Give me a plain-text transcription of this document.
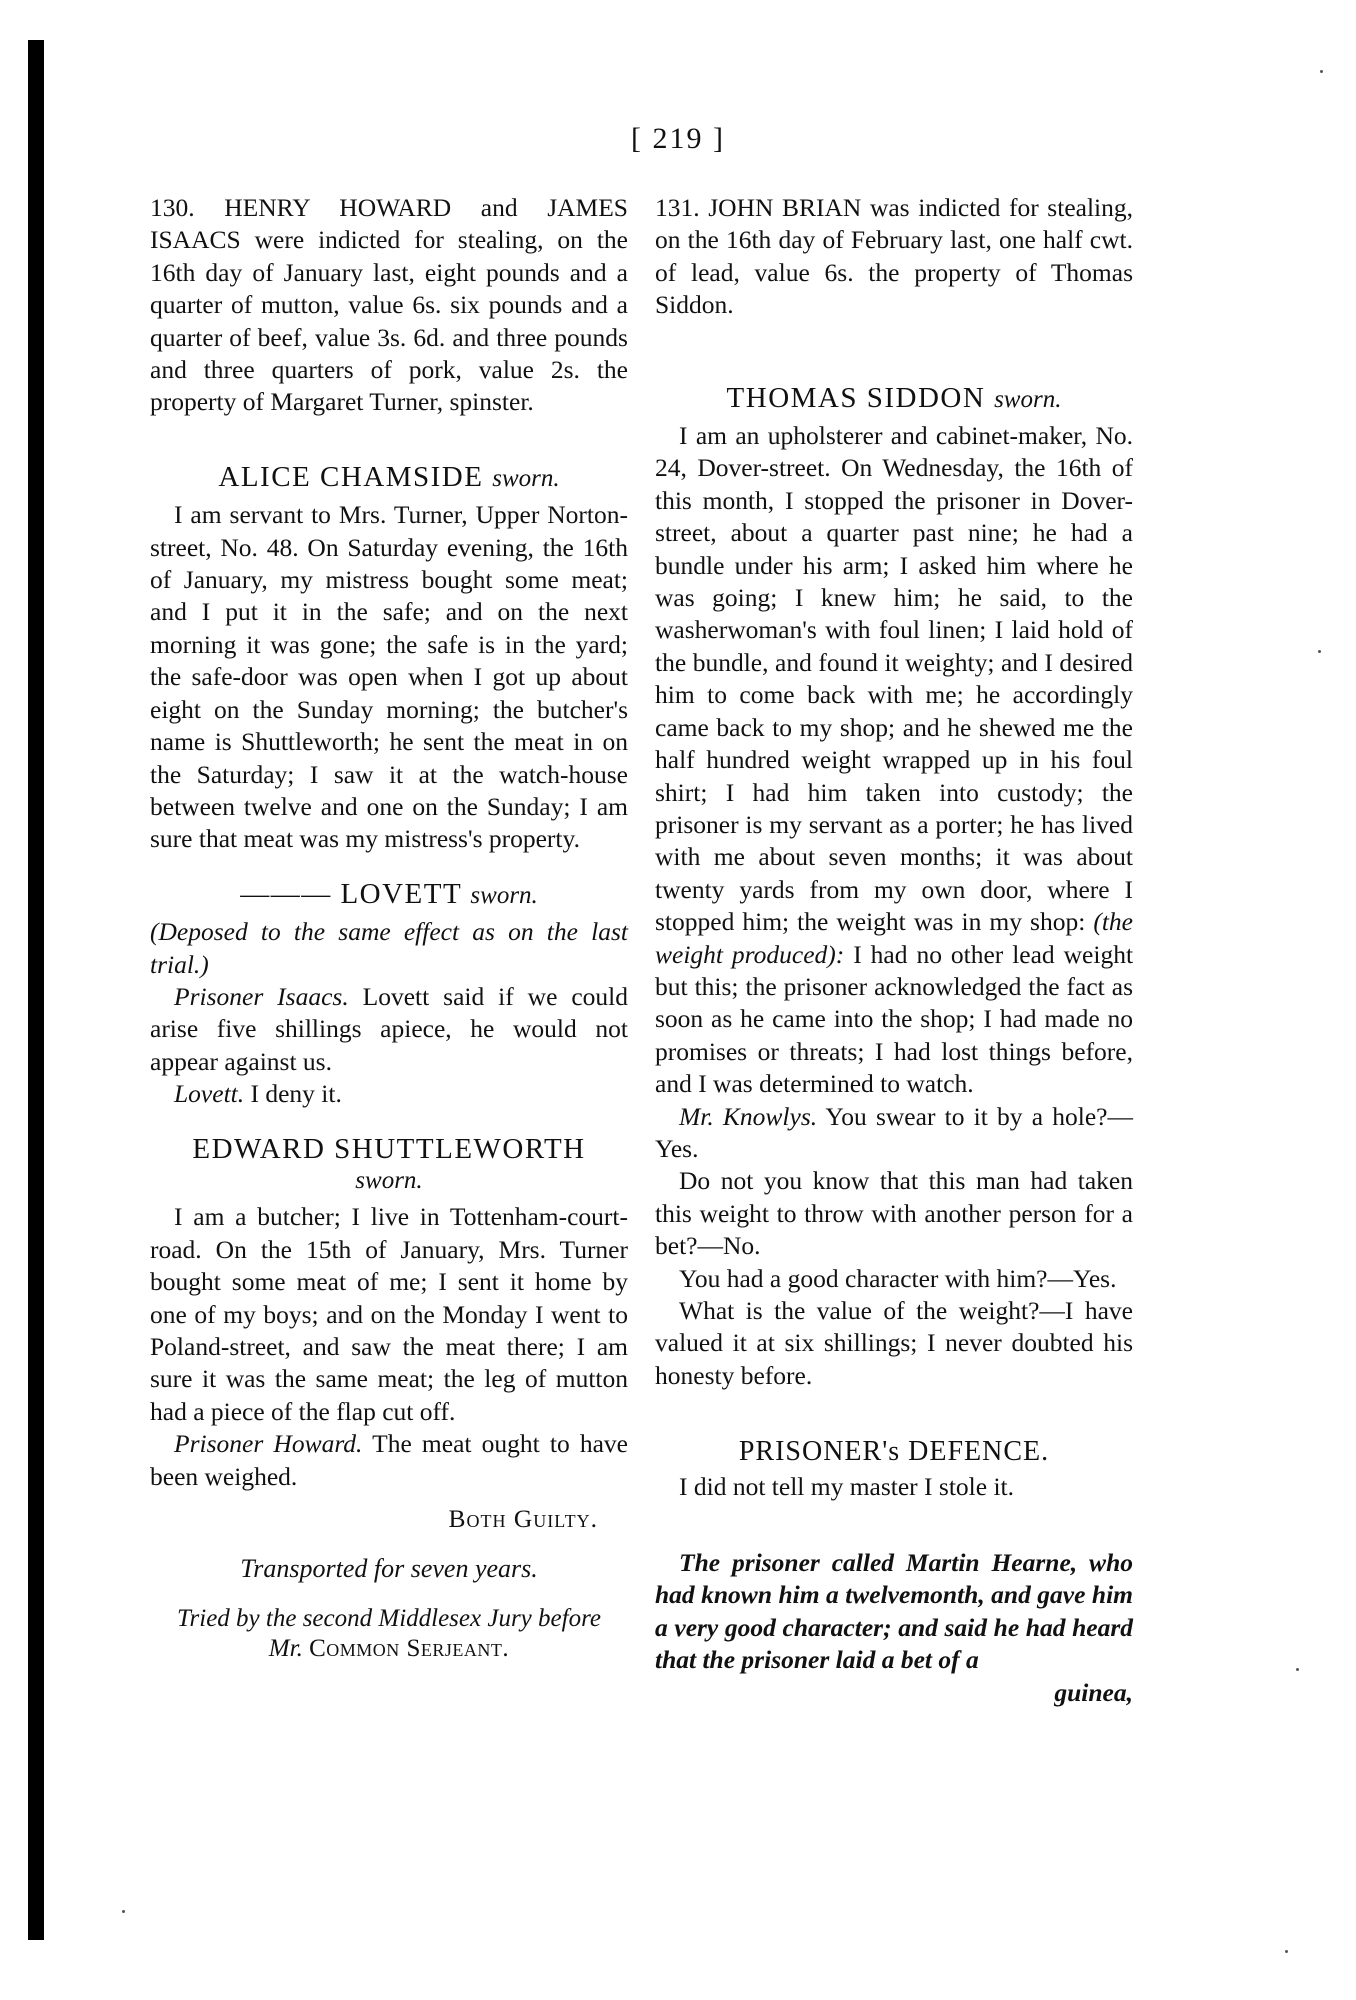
[ 219 ]

130. HENRY HOWARD and JAMES ISAACS were indicted for stealing, on the 16th day of January last, eight pounds and a quarter of mutton, value 6s. six pounds and a quarter of beef, value 3s. 6d. and three pounds and three quarters of pork, value 2s. the property of Margaret Turner, spinster.

ALICE CHAMSIDE sworn.

I am servant to Mrs. Turner, Upper Norton-street, No. 48. On Saturday evening, the 16th of January, my mistress bought some meat; and I put it in the safe; and on the next morning it was gone; the safe is in the yard; the safe-door was open when I got up about eight on the Sunday morning; the butcher's name is Shuttleworth; he sent the meat in on the Saturday; I saw it at the watch-house between twelve and one on the Sunday; I am sure that meat was my mistress's property.

——— LOVETT sworn.

(Deposed to the same effect as on the last trial.)

Prisoner Isaacs. Lovett said if we could arise five shillings apiece, he would not appear against us.

Lovett. I deny it.

EDWARD SHUTTLEWORTH
sworn.

I am a butcher; I live in Tottenham-court-road. On the 15th of January, Mrs. Turner bought some meat of me; I sent it home by one of my boys; and on the Monday I went to Poland-street, and saw the meat there; I am sure it was the same meat; the leg of mutton had a piece of the flap cut off.

Prisoner Howard. The meat ought to have been weighed.

Both Guilty.
Transported for seven years.
Tried by the second Middlesex Jury before
Mr. Common Serjeant.

131. JOHN BRIAN was indicted for stealing, on the 16th day of February last, one half cwt. of lead, value 6s. the property of Thomas Siddon.

THOMAS SIDDON sworn.

I am an upholsterer and cabinet-maker, No. 24, Dover-street. On Wednesday, the 16th of this month, I stopped the prisoner in Dover-street, about a quarter past nine; he had a bundle under his arm; I asked him where he was going; I knew him; he said, to the washerwoman's with foul linen; I laid hold of the bundle, and found it weighty; and I desired him to come back with me; he accordingly came back to my shop; and he shewed me the half hundred weight wrapped up in his foul shirt; I had him taken into custody; the prisoner is my servant as a porter; he has lived with me about seven months; it was about twenty yards from my own door, where I stopped him; the weight was in my shop: (the weight produced): I had no other lead weight but this; the prisoner acknowledged the fact as soon as he came into the shop; I had made no promises or threats; I had lost things before, and I was determined to watch.

Mr. Knowlys. You swear to it by a hole?—Yes.

Do not you know that this man had taken this weight to throw with another person for a bet?—No.

You had a good character with him?—Yes.

What is the value of the weight?—I have valued it at six shillings; I never doubted his honesty before.

PRISONER's DEFENCE.

I did not tell my master I stole it.

The prisoner called Martin Hearne, who had known him a twelvemonth, and gave him a very good character; and said he had heard that the prisoner laid a bet of a

guinea,
